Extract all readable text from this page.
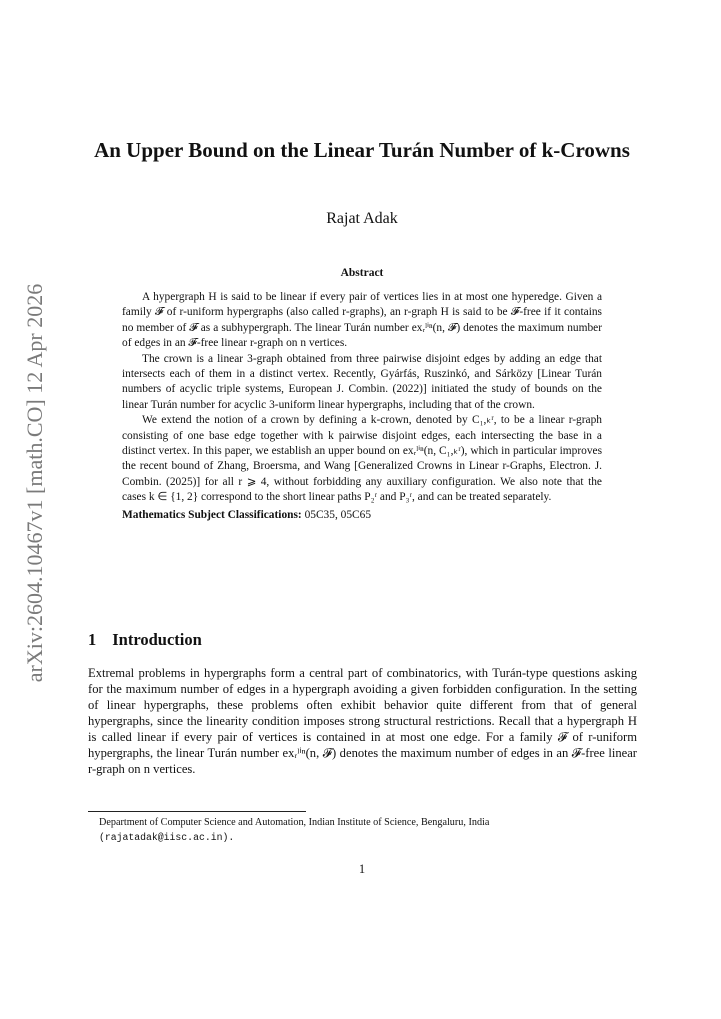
arXiv:2604.10467v1 [math.CO] 12 Apr 2026
An Upper Bound on the Linear Turán Number of k-Crowns
Rajat Adak
Abstract

A hypergraph H is said to be linear if every pair of vertices lies in at most one hyperedge. Given a family 𝓕 of r-uniform hypergraphs (also called r-graphs), an r-graph H is said to be 𝓕-free if it contains no member of 𝓕 as a subhypergraph. The linear Turán number exᵣˡⁱⁿ(n, 𝓕) denotes the maximum number of edges in an 𝓕-free linear r-graph on n vertices.

The crown is a linear 3-graph obtained from three pairwise disjoint edges by adding an edge that intersects each of them in a distinct vertex. Recently, Gyárfás, Ruszinkó, and Sárközy [Linear Turán numbers of acyclic triple systems, European J. Combin. (2022)] initiated the study of bounds on the linear Turán number for acyclic 3-uniform linear hypergraphs, including that of the crown.

We extend the notion of a crown by defining a k-crown, denoted by C₁,ₖʳ, to be a linear r-graph consisting of one base edge together with k pairwise disjoint edges, each intersecting the base in a distinct vertex. In this paper, we establish an upper bound on exᵣˡⁱⁿ(n, C₁,ₖʳ), which in particular improves the recent bound of Zhang, Broersma, and Wang [Generalized Crowns in Linear r-Graphs, Electron. J. Combin. (2025)] for all r ⩾ 4, without forbidding any auxiliary configuration. We also note that the cases k ∈ {1, 2} correspond to the short linear paths P₂ʳ and P₃ʳ, and can be treated separately.

Mathematics Subject Classifications: 05C35, 05C65

1 Introduction

Extremal problems in hypergraphs form a central part of combinatorics, with Turán-type questions asking for the maximum number of edges in a hypergraph avoiding a given forbidden configuration. In the setting of linear hypergraphs, these problems often exhibit behavior quite different from that of general hypergraphs, since the linearity condition imposes strong structural restrictions. Recall that a hypergraph H is called linear if every pair of vertices is contained in at most one edge. For a family 𝓕 of r-uniform hypergraphs, the linear Turán number exᵣˡⁱⁿ(n, 𝓕) denotes the maximum number of edges in an 𝓕-free linear r-graph on n vertices.

Department of Computer Science and Automation, Indian Institute of Science, Bengaluru, India
(rajatadak@iisc.ac.in).
1
